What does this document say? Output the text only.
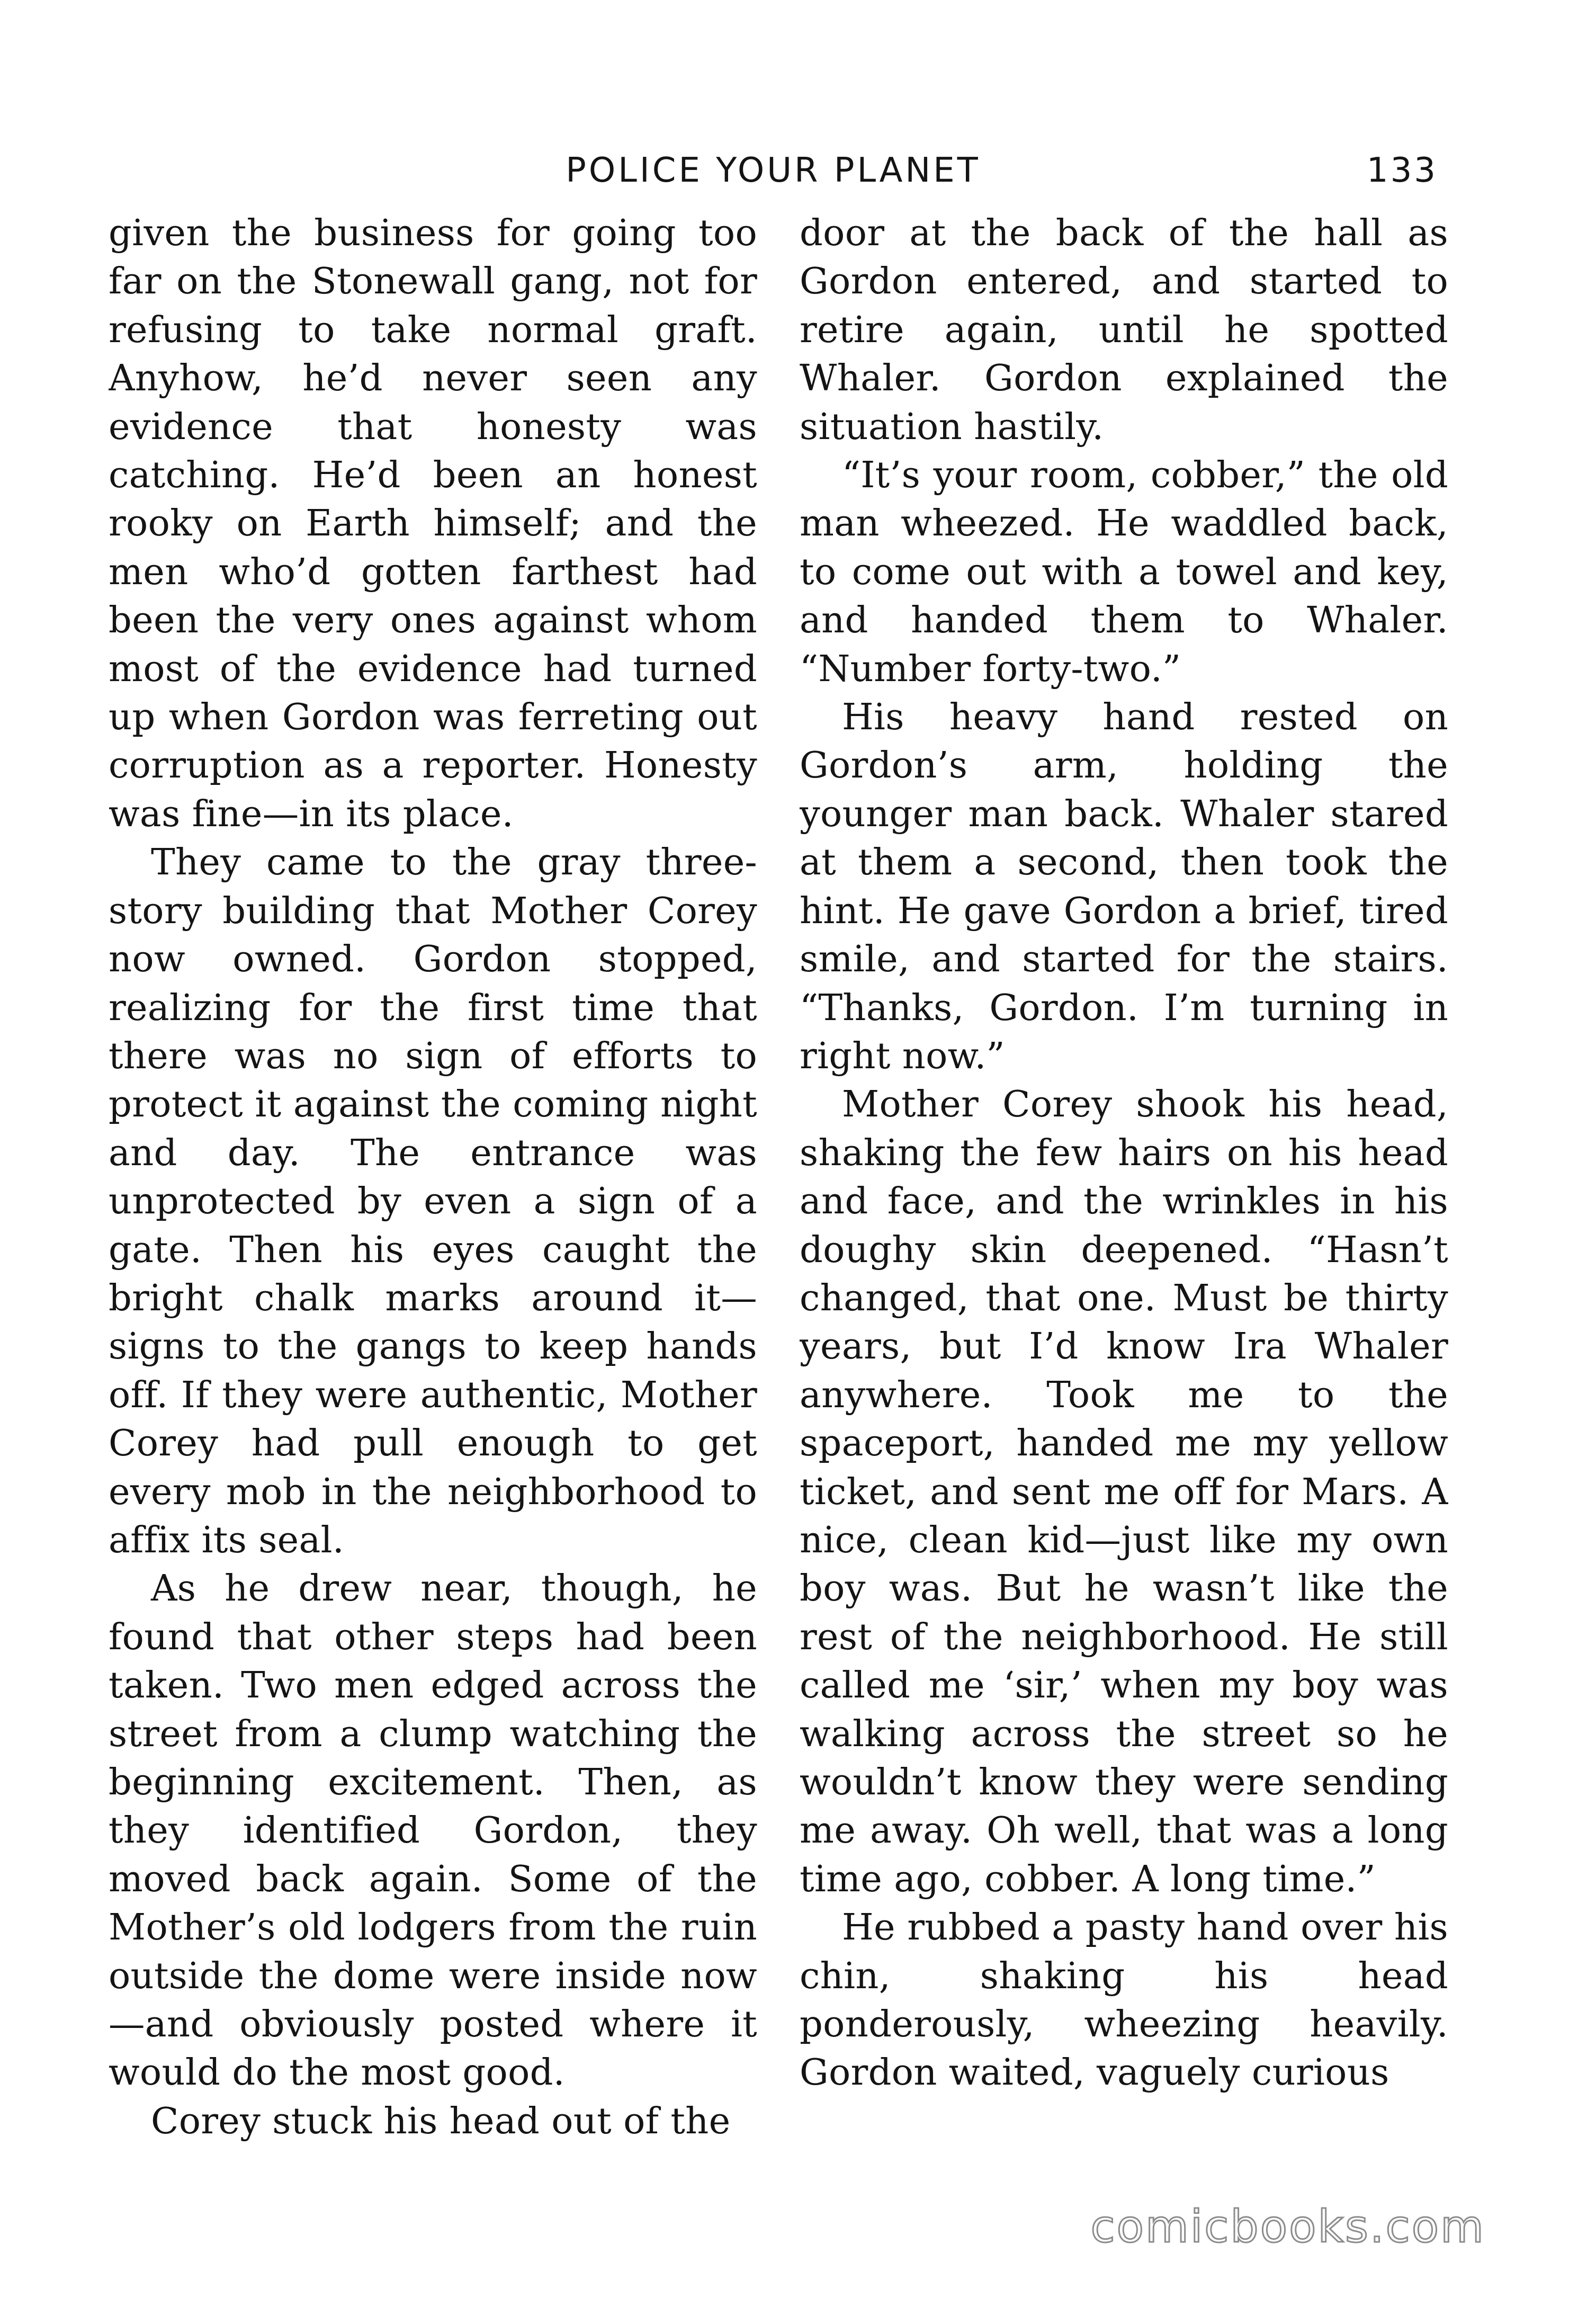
POLICE YOUR PLANET	133

given the business for going too far on the Stonewall gang, not for refusing to take normal graft. Anyhow, he’d never seen any evidence that honesty was catching. He’d been an honest rooky on Earth himself; and the men who’d gotten farthest had been the very ones against whom most of the evidence had turned up when Gordon was ferreting out corruption as a reporter. Honesty was fine—in its place.

They came to the gray three-story building that Mother Corey now owned. Gordon stopped, realizing for the first time that there was no sign of efforts to protect it against the coming night and day. The entrance was unprotected by even a sign of a gate. Then his eyes caught the bright chalk marks around it—signs to the gangs to keep hands off. If they were authentic, Mother Corey had pull enough to get every mob in the neighborhood to affix its seal.

As he drew near, though, he found that other steps had been taken. Two men edged across the street from a clump watching the beginning excitement. Then, as they identified Gordon, they moved back again. Some of the Mother’s old lodgers from the ruin outside the dome were inside now—and obviously posted where it would do the most good.

Corey stuck his head out of the

door at the back of the hall as Gordon entered, and started to retire again, until he spotted Whaler. Gordon explained the situation hastily.

“It’s your room, cobber,” the old man wheezed. He waddled back, to come out with a towel and key, and handed them to Whaler. “Number forty-two.”

His heavy hand rested on Gordon’s arm, holding the younger man back. Whaler stared at them a second, then took the hint. He gave Gordon a brief, tired smile, and started for the stairs. “Thanks, Gordon. I’m turning in right now.”

Mother Corey shook his head, shaking the few hairs on his head and face, and the wrinkles in his doughy skin deepened. “Hasn’t changed, that one. Must be thirty years, but I’d know Ira Whaler anywhere. Took me to the spaceport, handed me my yellow ticket, and sent me off for Mars. A nice, clean kid—just like my own boy was. But he wasn’t like the rest of the neighborhood. He still called me ‘sir,’ when my boy was walking across the street so he wouldn’t know they were sending me away. Oh well, that was a long time ago, cobber. A long time.”

He rubbed a pasty hand over his chin, shaking his head ponderously, wheezing heavily. Gordon waited, vaguely curious

comicbooks.com
